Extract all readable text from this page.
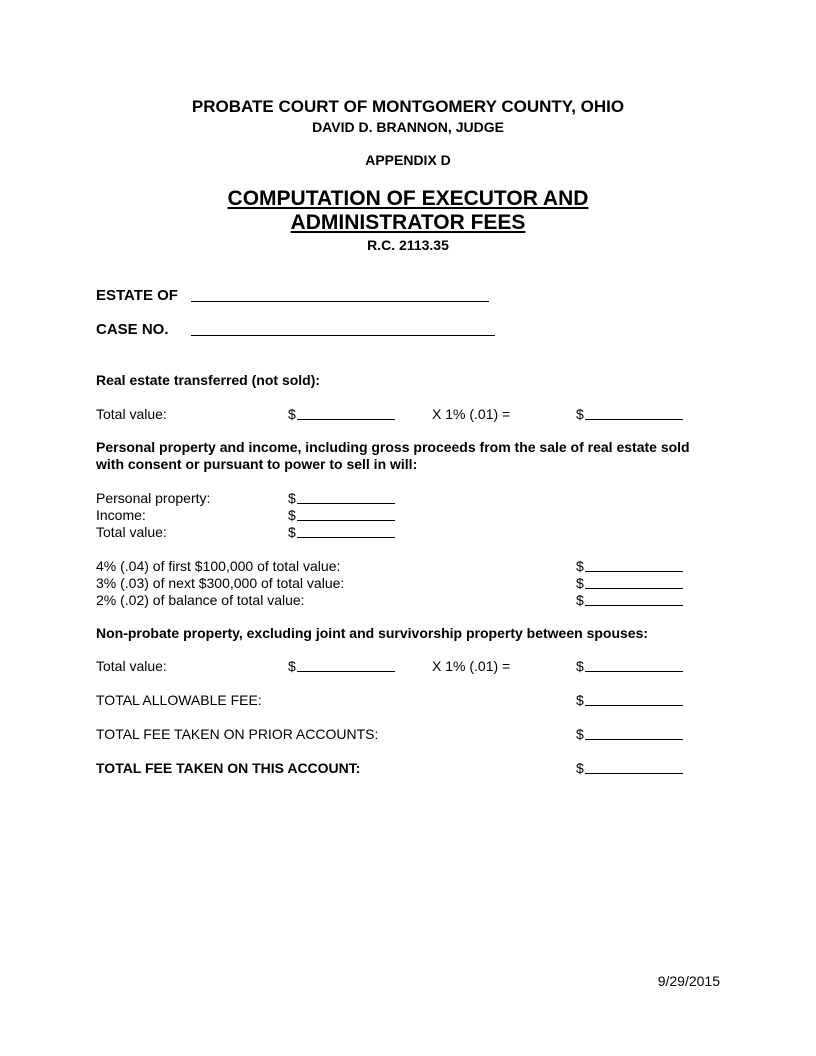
PROBATE COURT OF MONTGOMERY COUNTY, OHIO
DAVID D. BRANNON, JUDGE
APPENDIX D
COMPUTATION OF EXECUTOR AND
ADMINISTRATOR FEES
R.C. 2113.35
ESTATE OF
CASE NO.
Real estate transferred (not sold):
Total value:	$	X 1% (.01) =	$
Personal property and income, including gross proceeds from the sale of real estate sold
with consent or pursuant to power to sell in will:
Personal property:	$
Income:	$
Total value:	$
4% (.04) of first $100,000 of total value:	$
3% (.03) of next $300,000 of total value:	$
2% (.02) of balance of total value:	$
Non-probate property, excluding joint and survivorship property between spouses:
Total value:	$	X 1% (.01) =	$
TOTAL ALLOWABLE FEE:	$
TOTAL FEE TAKEN ON PRIOR ACCOUNTS:	$
TOTAL FEE TAKEN ON THIS ACCOUNT:	$
9/29/2015
